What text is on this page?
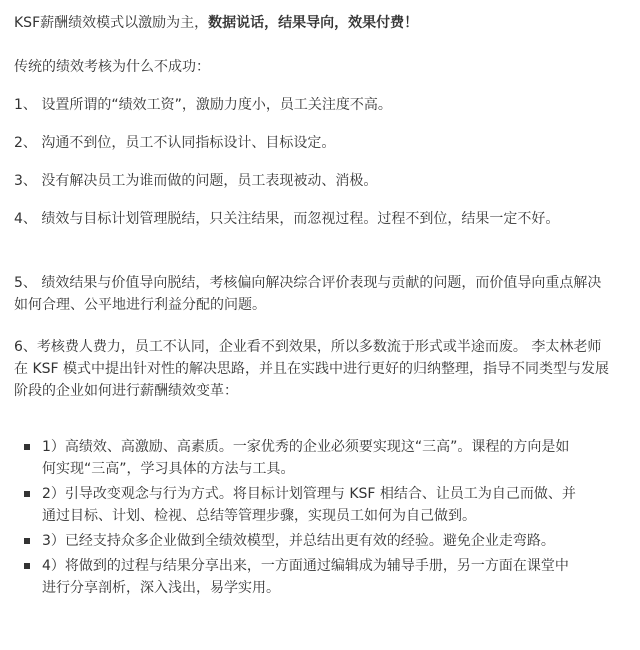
KSF薪酬绩效模式以激励为主，数据说话，结果导向，效果付费！
传统的绩效考核为什么不成功：

1、 设置所谓的“绩效工资”，激励力度小，员工关注度不高。

2、 沟通不到位，员工不认同指标设计、目标设定。

3、 没有解决员工为谁而做的问题，员工表现被动、消极。

4、 绩效与目标计划管理脱结，只关注结果，而忽视过程。过程不到位，结果一定不好。

5、 绩效结果与价值导向脱结，考核偏向解决综合评价表现与贡献的问题，而价值导向重点解决如何合理、公平地进行利益分配的问题。

6、考核费人费力，员工不认同，企业看不到效果，所以多数流于形式或半途而废。 李太林老师在 KSF 模式中提出针对性的解决思路，并且在实践中进行更好的归纳整理，指导不同类型与发展阶段的企业如何进行薪酬绩效变革：

1）高绩效、高激励、高素质。一家优秀的企业必须要实现这“三高”。课程的方向是如何实现“三高”，学习具体的方法与工具。
2）引导改变观念与行为方式。将目标计划管理与 KSF 相结合、让员工为自己而做、并通过目标、计划、检视、总结等管理步骤，实现员工如何为自己做到。
3）已经支持众多企业做到全绩效模型，并总结出更有效的经验。避免企业走弯路。
4）将做到的过程与结果分享出来，一方面通过编辑成为辅导手册，另一方面在课堂中进行分享剖析，深入浅出，易学实用。
